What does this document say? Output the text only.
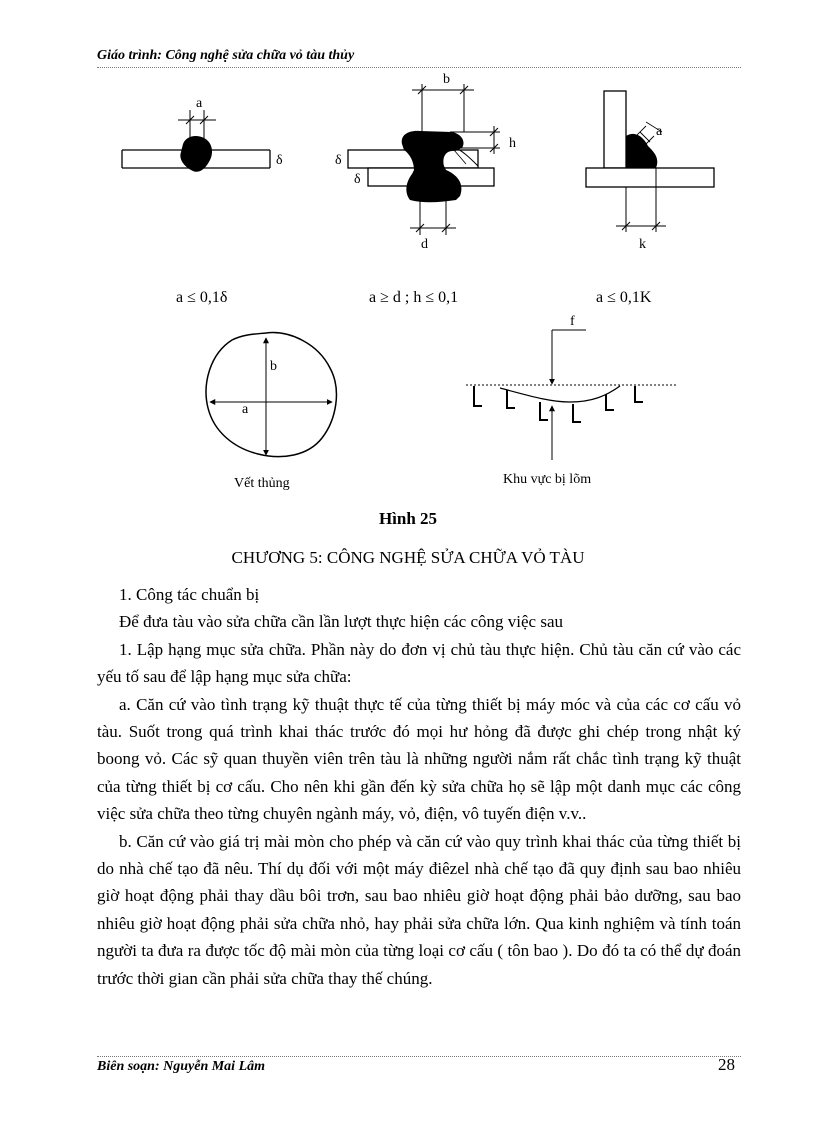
Giáo trình: Công nghệ sửa chữa vỏ tàu thủy
a
δ
b
h
δ
δ
d
a
k
b
a
f
a ≤ 0,1δ	a ≥ d ; h ≤ 0,1	a ≤ 0,1K
Vết thủng	Khu vực bị lõm
Hình 25
CHƯƠNG 5: CÔNG NGHỆ SỬA CHỮA VỎ TÀU

1. Công tác chuẩn bị

Để đưa tàu vào sửa chữa cần lần lượt thực hiện các công việc sau

1. Lập hạng mục sửa chữa. Phần này do đơn vị chủ tàu thực hiện. Chủ tàu căn cứ vào các yếu tố sau để lập hạng mục sửa chữa:

a. Căn cứ vào tình trạng kỹ thuật thực tế của từng thiết bị máy móc và của các cơ cấu vỏ tàu. Suốt trong quá trình khai thác trước đó mọi hư hỏng đã được ghi chép trong nhật ký boong vỏ. Các sỹ quan thuyền viên trên tàu là những người nắm rất chắc tình trạng kỹ thuật của từng thiết bị cơ cấu. Cho nên khi gần đến kỳ sửa chữa họ sẽ lập một danh mục các công việc sửa chữa theo từng chuyên ngành máy, vỏ, điện, vô tuyến điện v.v..

b. Căn cứ vào giá trị mài mòn cho phép và căn cứ vào quy trình khai thác của từng thiết bị do nhà chế tạo đã nêu. Thí dụ đối với một máy điêzel nhà chế tạo đã quy định sau bao nhiêu giờ hoạt động phải thay dầu bôi trơn, sau bao nhiêu giờ hoạt động phải bảo dưỡng, sau bao nhiêu giờ hoạt động phải sửa chữa nhỏ, hay phải sửa chữa lớn. Qua kinh nghiệm và tính toán người ta đưa ra được tốc độ mài mòn của từng loại cơ cấu ( tôn bao ). Do đó ta có thể dự đoán trước thời gian cần phải sửa chữa thay thế chúng.

Biên soạn: Nguyễn Mai Lâm	28
